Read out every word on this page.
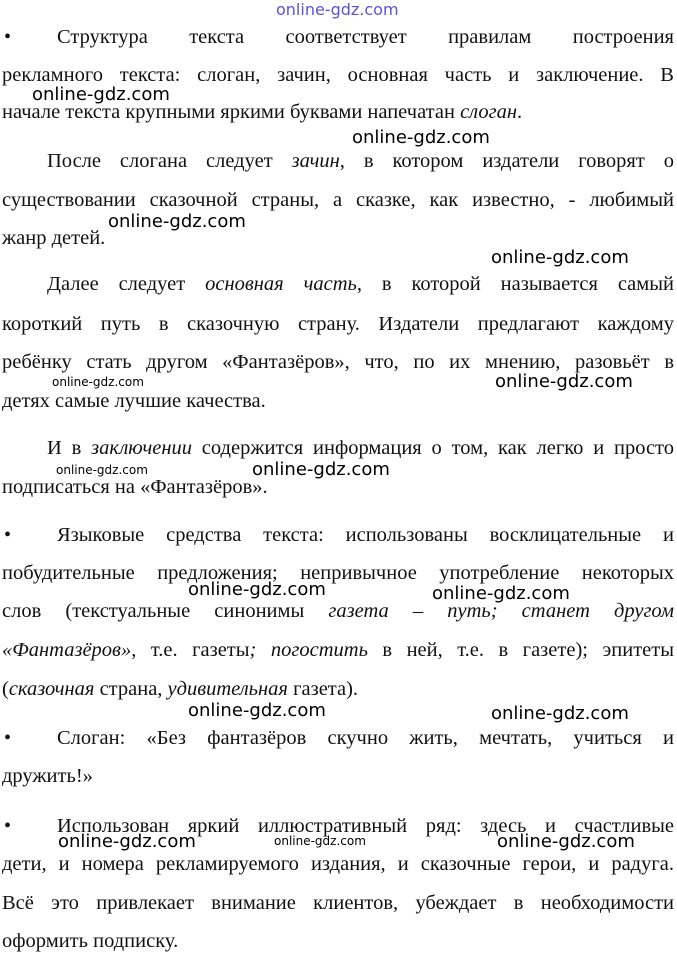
online-gdz.com
• Структура текста соответствует правилам построения
рекламного текста: слоган, зачин, основная часть и заключение. В
начале текста крупными яркими буквами напечатан слоган.
После слогана следует зачин, в котором издатели говорят о
существовании сказочной страны, а сказке, как известно, - любимый
жанр детей.
Далее следует основная часть, в которой называется самый
короткий путь в сказочную страну. Издатели предлагают каждому
ребёнку стать другом «Фантазёров», что, по их мнению, разовьёт в
детях самые лучшие качества.
И в заключении содержится информация о том, как легко и просто
подписаться на «Фантазёров».
• Языковые средства текста: использованы восклицательные и
побудительные предложения; непривычное употребление некоторых
слов (текстуальные синонимы газета – путь; станет другом
«Фантазёров», т.е. газеты; погостить в ней, т.е. в газете); эпитеты
(сказочная страна, удивительная газета).
• Слоган: «Без фантазёров скучно жить, мечтать, учиться и
дружить!»
• Использован яркий иллюстративный ряд: здесь и счастливые
дети, и номера рекламируемого издания, и сказочные герои, и радуга.
Всё это привлекает внимание клиентов, убеждает в необходимости
оформить подписку.
online-gdz.com
online-gdz.com
online-gdz.com
online-gdz.com
online-gdz.com	online-gdz.com
online-gdz.com	online-gdz.com
online-gdz.com	online-gdz.com
online-gdz.com	online-gdz.com
online-gdz.com	online-gdz.com	online-gdz.com
